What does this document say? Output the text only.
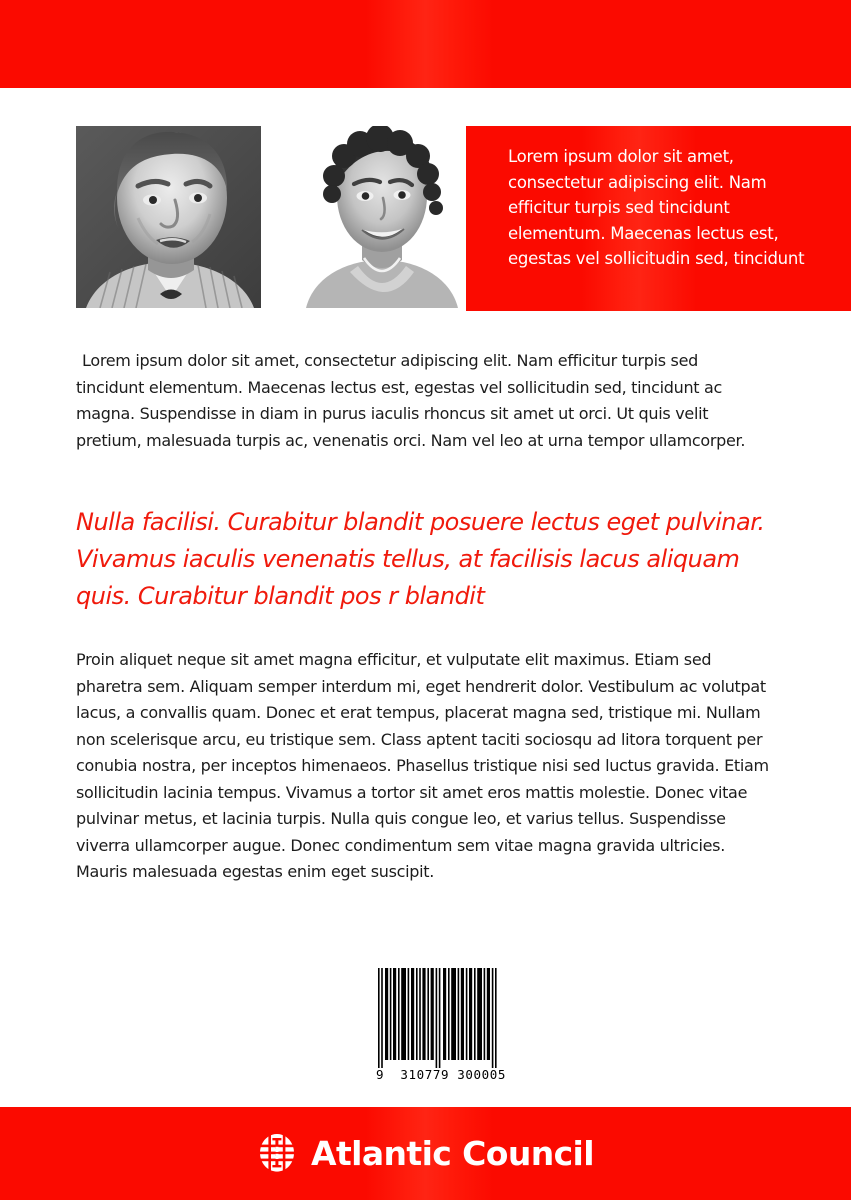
Lorem ipsum dolor sit amet, consectetur adipiscing elit. Nam efficitur turpis sed tincidunt elementum. Maecenas lectus est, egestas vel sollicitudin sed, tincidunt

Lorem ipsum dolor sit amet, consectetur adipiscing elit. Nam efficitur turpis sed tincidunt elementum. Maecenas lectus est, egestas vel sollicitudin sed, tincidunt ac magna. Suspendisse in diam in purus iaculis rhoncus sit amet ut orci. Ut quis velit pretium, malesuada turpis ac, venenatis orci. Nam vel leo at urna tempor ullamcorper.

Nulla facilisi. Curabitur blandit posuere lectus eget pulvinar. Vivamus iaculis venenatis tellus, at facilisis lacus aliquam quis. Curabitur blandit pos r blandit

Proin aliquet neque sit amet magna efficitur, et vulputate elit maximus. Etiam sed pharetra sem. Aliquam semper interdum mi, eget hendrerit dolor. Vestibulum ac volutpat lacus, a convallis quam. Donec et erat tempus, placerat magna sed, tristique mi. Nullam non scelerisque arcu, eu tristique sem. Class aptent taciti sociosqu ad litora torquent per conubia nostra, per inceptos himenaeos. Phasellus tristique nisi sed luctus gravida. Etiam sollicitudin lacinia tempus. Vivamus a tortor sit amet eros mattis molestie. Donec vitae pulvinar metus, et lacinia turpis. Nulla quis congue leo, et varius tellus. Suspendisse viverra ullamcorper augue. Donec condimentum sem vitae magna gravida ultricies. Mauris malesuada egestas enim eget suscipit.

9  310779 300005

Atlantic Council
